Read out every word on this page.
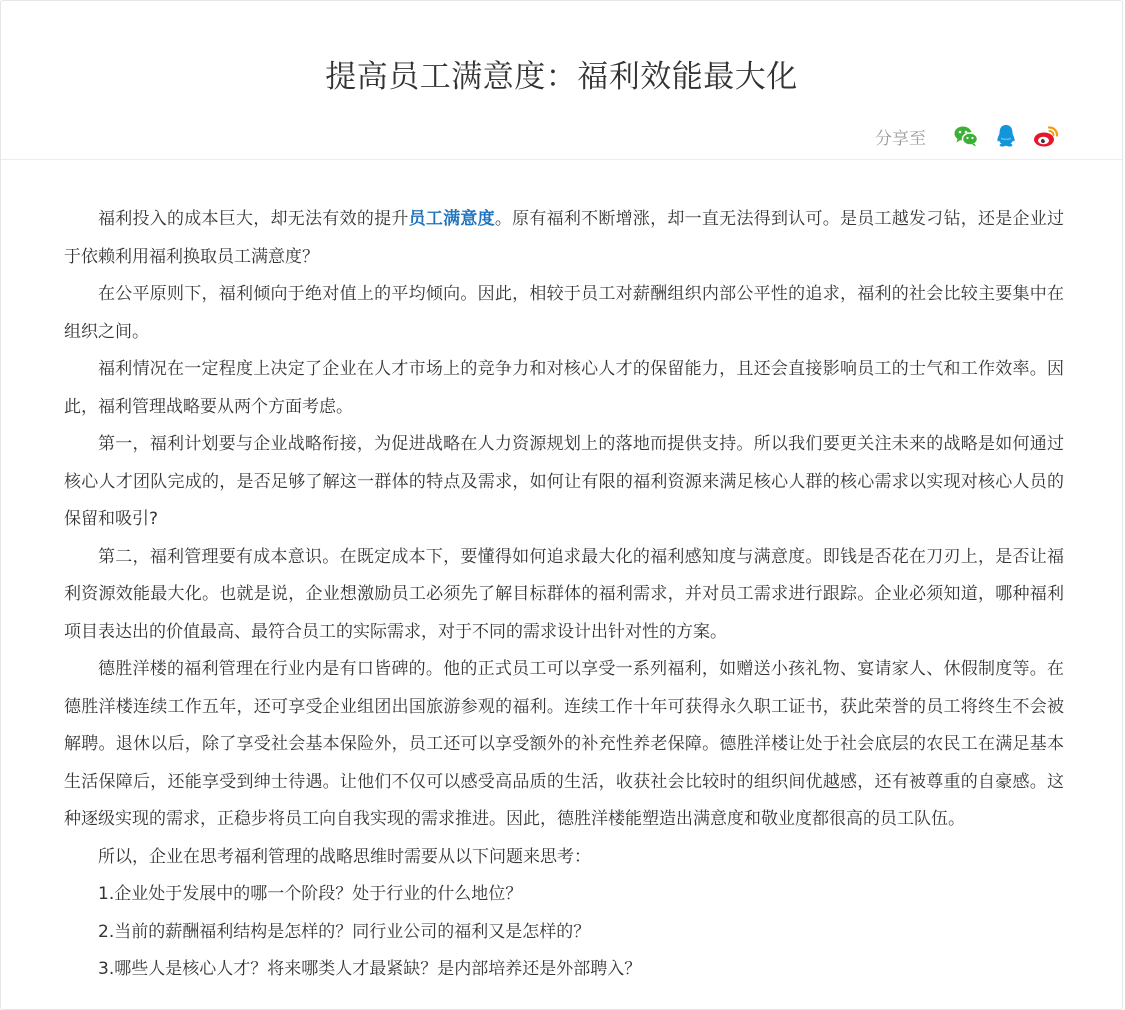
提高员工满意度：福利效能最大化
分享至

福利投入的成本巨大，却无法有效的提升员工满意度。原有福利不断增涨，却一直无法得到认可。是员工越发刁钻，还是企业过于依赖利用福利换取员工满意度？

在公平原则下，福利倾向于绝对值上的平均倾向。因此，相较于员工对薪酬组织内部公平性的追求，福利的社会比较主要集中在组织之间。

福利情况在一定程度上决定了企业在人才市场上的竞争力和对核心人才的保留能力，且还会直接影响员工的士气和工作效率。因此，福利管理战略要从两个方面考虑。

第一，福利计划要与企业战略衔接，为促进战略在人力资源规划上的落地而提供支持。所以我们要更关注未来的战略是如何通过核心人才团队完成的，是否足够了解这一群体的特点及需求，如何让有限的福利资源来满足核心人群的核心需求以实现对核心人员的保留和吸引?

第二，福利管理要有成本意识。在既定成本下，要懂得如何追求最大化的福利感知度与满意度。即钱是否花在刀刃上，是否让福利资源效能最大化。也就是说，企业想激励员工必须先了解目标群体的福利需求，并对员工需求进行跟踪。企业必须知道，哪种福利项目表达出的价值最高、最符合员工的实际需求，对于不同的需求设计出针对性的方案。

德胜洋楼的福利管理在行业内是有口皆碑的。他的正式员工可以享受一系列福利，如赠送小孩礼物、宴请家人、休假制度等。在德胜洋楼连续工作五年，还可享受企业组团出国旅游参观的福利。连续工作十年可获得永久职工证书，获此荣誉的员工将终生不会被解聘。退休以后，除了享受社会基本保险外，员工还可以享受额外的补充性养老保障。德胜洋楼让处于社会底层的农民工在满足基本生活保障后，还能享受到绅士待遇。让他们不仅可以感受高品质的生活，收获社会比较时的组织间优越感，还有被尊重的自豪感。这种逐级实现的需求，正稳步将员工向自我实现的需求推进。因此，德胜洋楼能塑造出满意度和敬业度都很高的员工队伍。

所以，企业在思考福利管理的战略思维时需要从以下问题来思考：

1.企业处于发展中的哪一个阶段？处于行业的什么地位？

2.当前的薪酬福利结构是怎样的？同行业公司的福利又是怎样的？

3.哪些人是核心人才？将来哪类人才最紧缺？是内部培养还是外部聘入？
